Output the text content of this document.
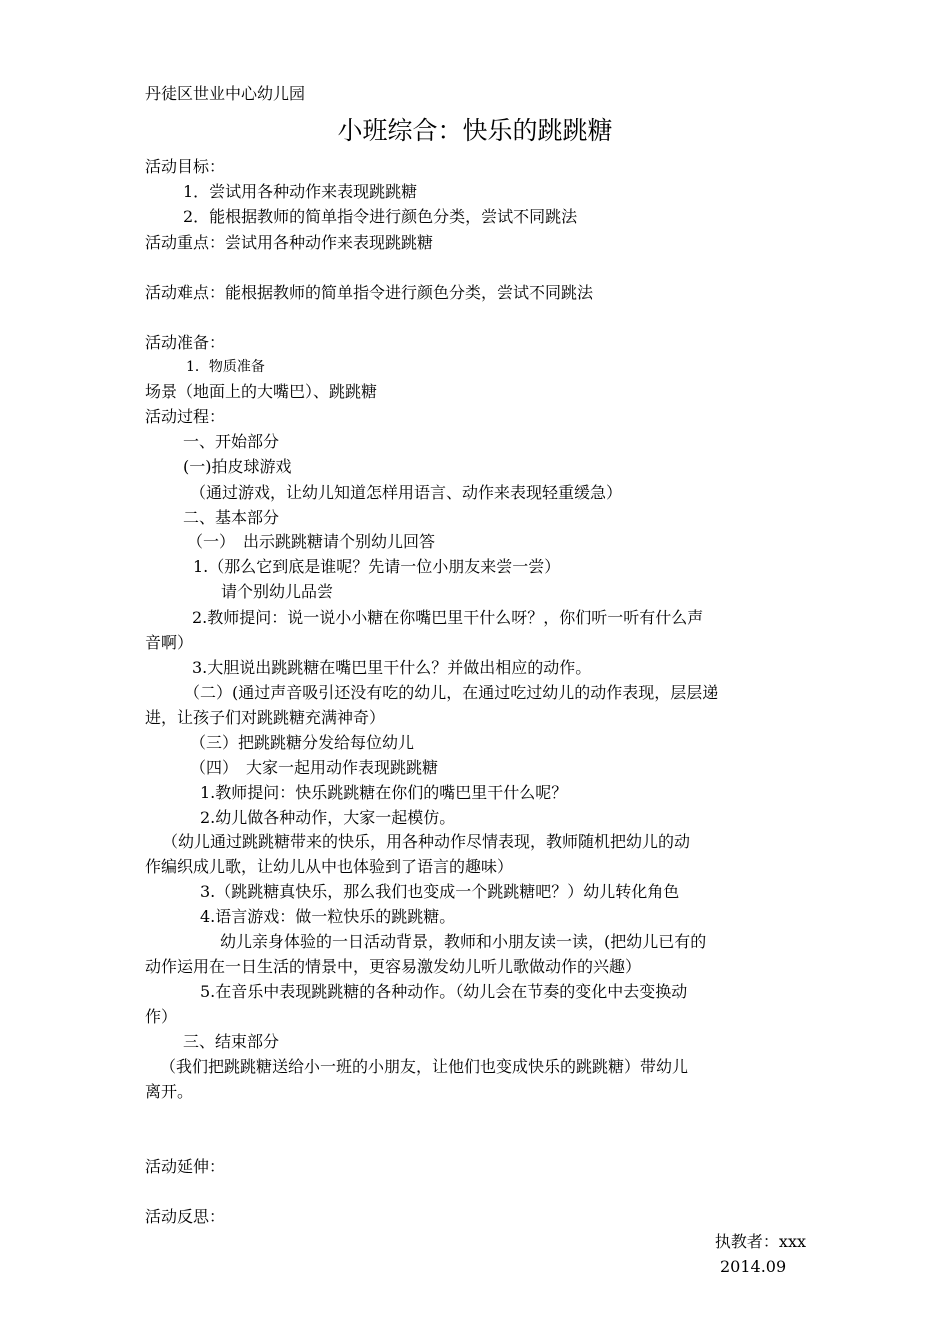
丹徒区世业中心幼儿园
小班综合：快乐的跳跳糖
活动目标：
1．尝试用各种动作来表现跳跳糖
2．能根据教师的简单指令进行颜色分类，尝试不同跳法
活动重点：尝试用各种动作来表现跳跳糖
活动难点：能根据教师的简单指令进行颜色分类，尝试不同跳法
活动准备：
1．物质准备
场景（地面上的大嘴巴）、跳跳糖
活动过程：
一、开始部分
(一)拍皮球游戏
（通过游戏，让幼儿知道怎样用语言、动作来表现轻重缓急）
二、基本部分
（一）　出示跳跳糖请个别幼儿回答
1.（那么它到底是谁呢？先请一位小朋友来尝一尝）
请个别幼儿品尝
2.教师提问：说一说小小糖在你嘴巴里干什么呀？，你们听一听有什么声
音啊）
3.大胆说出跳跳糖在嘴巴里干什么？并做出相应的动作。
（二）(通过声音吸引还没有吃的幼儿，在通过吃过幼儿的动作表现，层层递
进，让孩子们对跳跳糖充满神奇）
（三）把跳跳糖分发给每位幼儿
（四）　大家一起用动作表现跳跳糖
1.教师提问：快乐跳跳糖在你们的嘴巴里干什么呢？
2.幼儿做各种动作，大家一起模仿。
（幼儿通过跳跳糖带来的快乐，用各种动作尽情表现，教师随机把幼儿的动
作编织成儿歌，让幼儿从中也体验到了语言的趣味）
3.（跳跳糖真快乐，那么我们也变成一个跳跳糖吧？）幼儿转化角色
4.语言游戏：做一粒快乐的跳跳糖。
幼儿亲身体验的一日活动背景，教师和小朋友读一读，(把幼儿已有的
动作运用在一日生活的情景中，更容易激发幼儿听儿歌做动作的兴趣）
5.在音乐中表现跳跳糖的各种动作。（幼儿会在节奏的变化中去变换动
作）
三、结束部分
（我们把跳跳糖送给小一班的小朋友，让他们也变成快乐的跳跳糖）带幼儿
离开。
活动延伸：
活动反思：
执教者：xxx
2014.09
